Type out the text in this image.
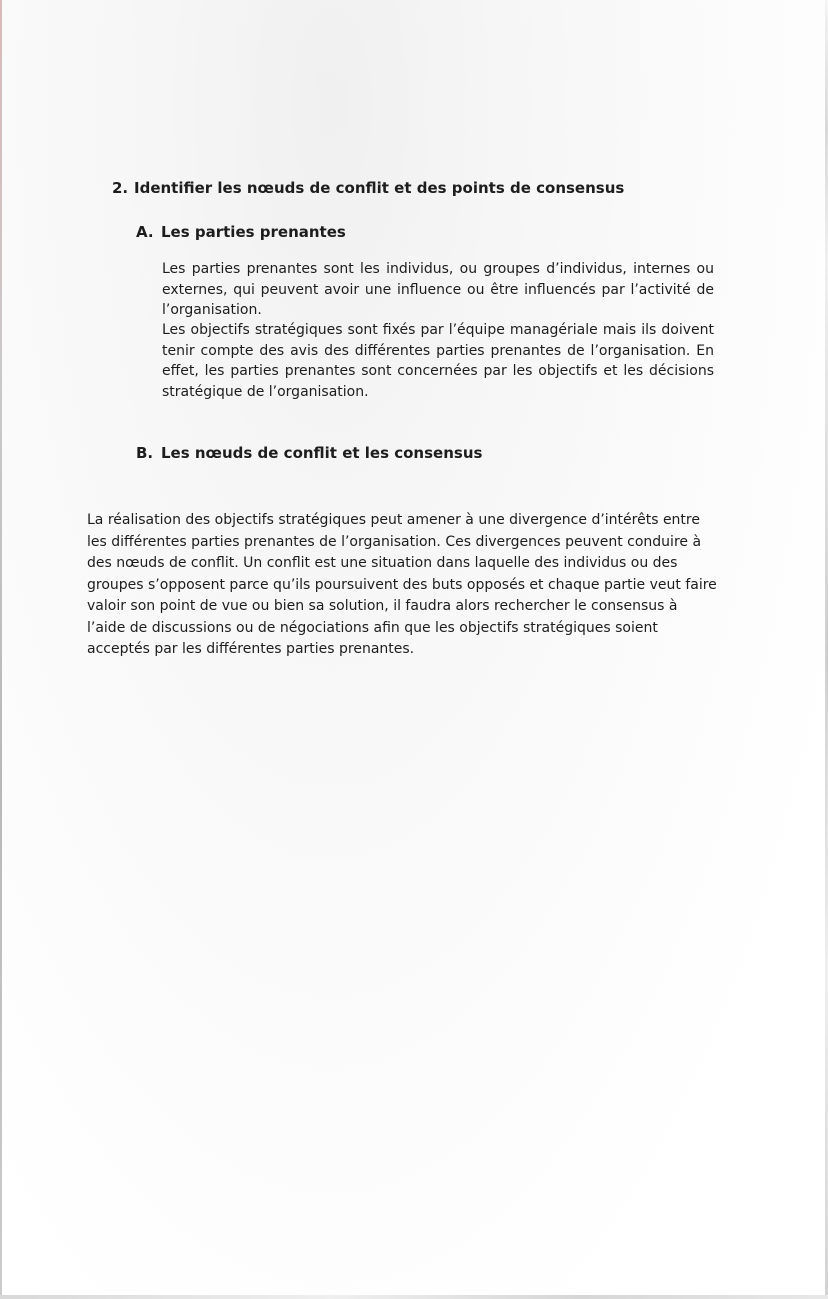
2. Identifier les nœuds de conflit et des points de consensus
A. Les parties prenantes

Les parties prenantes sont les individus, ou groupes d’individus, internes ou externes, qui peuvent avoir une influence ou être influencés par l’activité de l’organisation.

Les objectifs stratégiques sont fixés par l’équipe managériale mais ils doivent tenir compte des avis des différentes parties prenantes de l’organisation. En effet, les parties prenantes sont concernées par les objectifs et les décisions stratégique de l’organisation.

B. Les nœuds de conflit et les consensus

La réalisation des objectifs stratégiques peut amener à une divergence d’intérêts entre les différentes parties prenantes de l’organisation. Ces divergences peuvent conduire à des nœuds de conflit. Un conflit est une situation dans laquelle des individus ou des groupes s’opposent parce qu’ils poursuivent des buts opposés et chaque partie veut faire valoir son point de vue ou bien sa solution, il faudra alors rechercher le consensus à l’aide de discussions ou de négociations afin que les objectifs stratégiques soient acceptés par les différentes parties prenantes.
